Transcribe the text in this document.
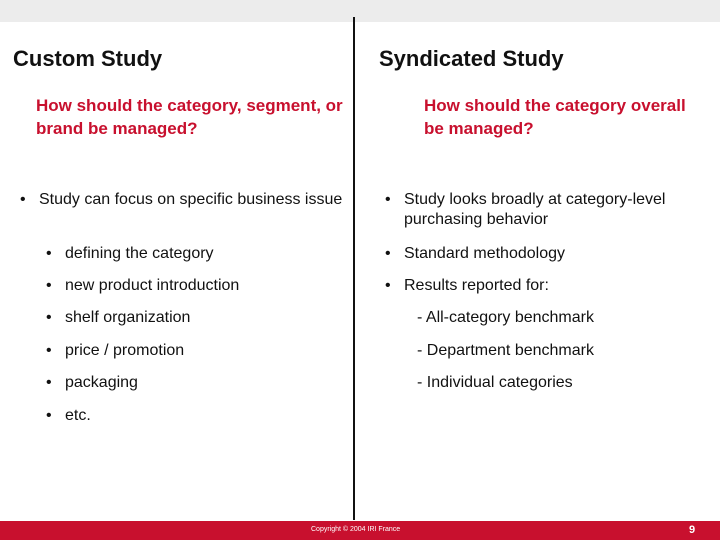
Custom Study
How should the category, segment, or brand be managed?
• Study can focus on specific business issue
• defining the category
• new product introduction
• shelf organization
• price / promotion
• packaging
• etc.
Syndicated Study
How should the category overall be managed?
• Study looks broadly at category-level purchasing behavior
• Standard methodology
• Results reported for:
- All-category benchmark
- Department benchmark
- Individual categories
Copyright © 2004 IRI France	9
